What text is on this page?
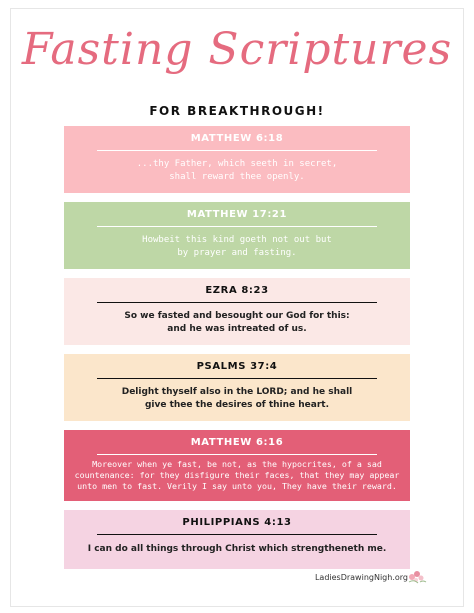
Fasting Scriptures
FOR BREAKTHROUGH!
MATTHEW 6:18
...thy Father, which seeth in secret,
shall reward thee openly.
MATTHEW 17:21
Howbeit this kind goeth not out but
by prayer and fasting.
EZRA 8:23
So we fasted and besought our God for this:
and he was intreated of us.
PSALMS 37:4
Delight thyself also in the LORD; and he shall
give thee the desires of thine heart.
MATTHEW 6:16
Moreover when ye fast, be not, as the hypocrites, of a sad
countenance: for they disfigure their faces, that they may appear
unto men to fast. Verily I say unto you, They have their reward.
PHILIPPIANS 4:13
I can do all things through Christ which strengtheneth me.
LadiesDrawingNigh.org
